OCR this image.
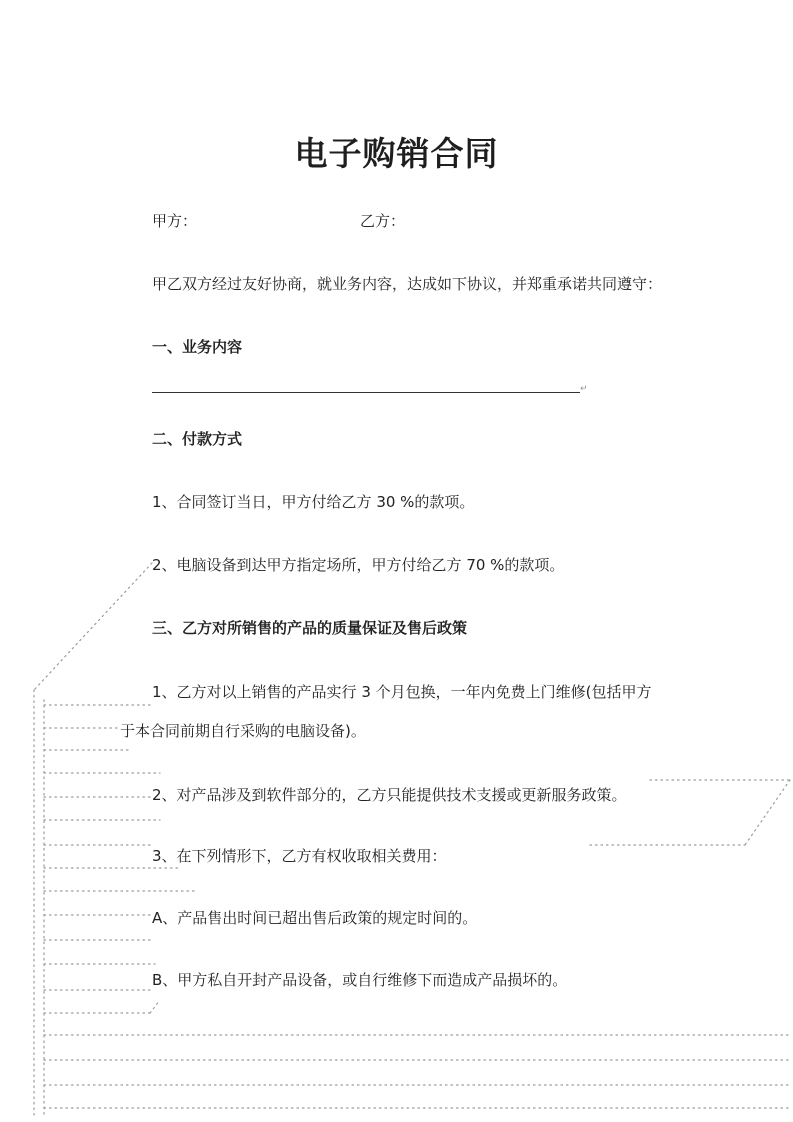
电子购销合同
甲方：	乙方：
甲乙双方经过友好协商，就业务内容，达成如下协议，并郑重承诺共同遵守：
一、业务内容
↵
二、付款方式
1、合同签订当日，甲方付给乙方 30 %的款项。
2、电脑设备到达甲方指定场所，甲方付给乙方 70 %的款项。
三、乙方对所销售的产品的质量保证及售后政策
1、乙方对以上销售的产品实行 3 个月包换，一年内免费上门维修(包括甲方
于本合同前期自行采购的电脑设备)。
2、对产品涉及到软件部分的，乙方只能提供技术支援或更新服务政策。
3、在下列情形下，乙方有权收取相关费用：
A、产品售出时间已超出售后政策的规定时间的。
B、甲方私自开封产品设备，或自行维修下而造成产品损坏的。
